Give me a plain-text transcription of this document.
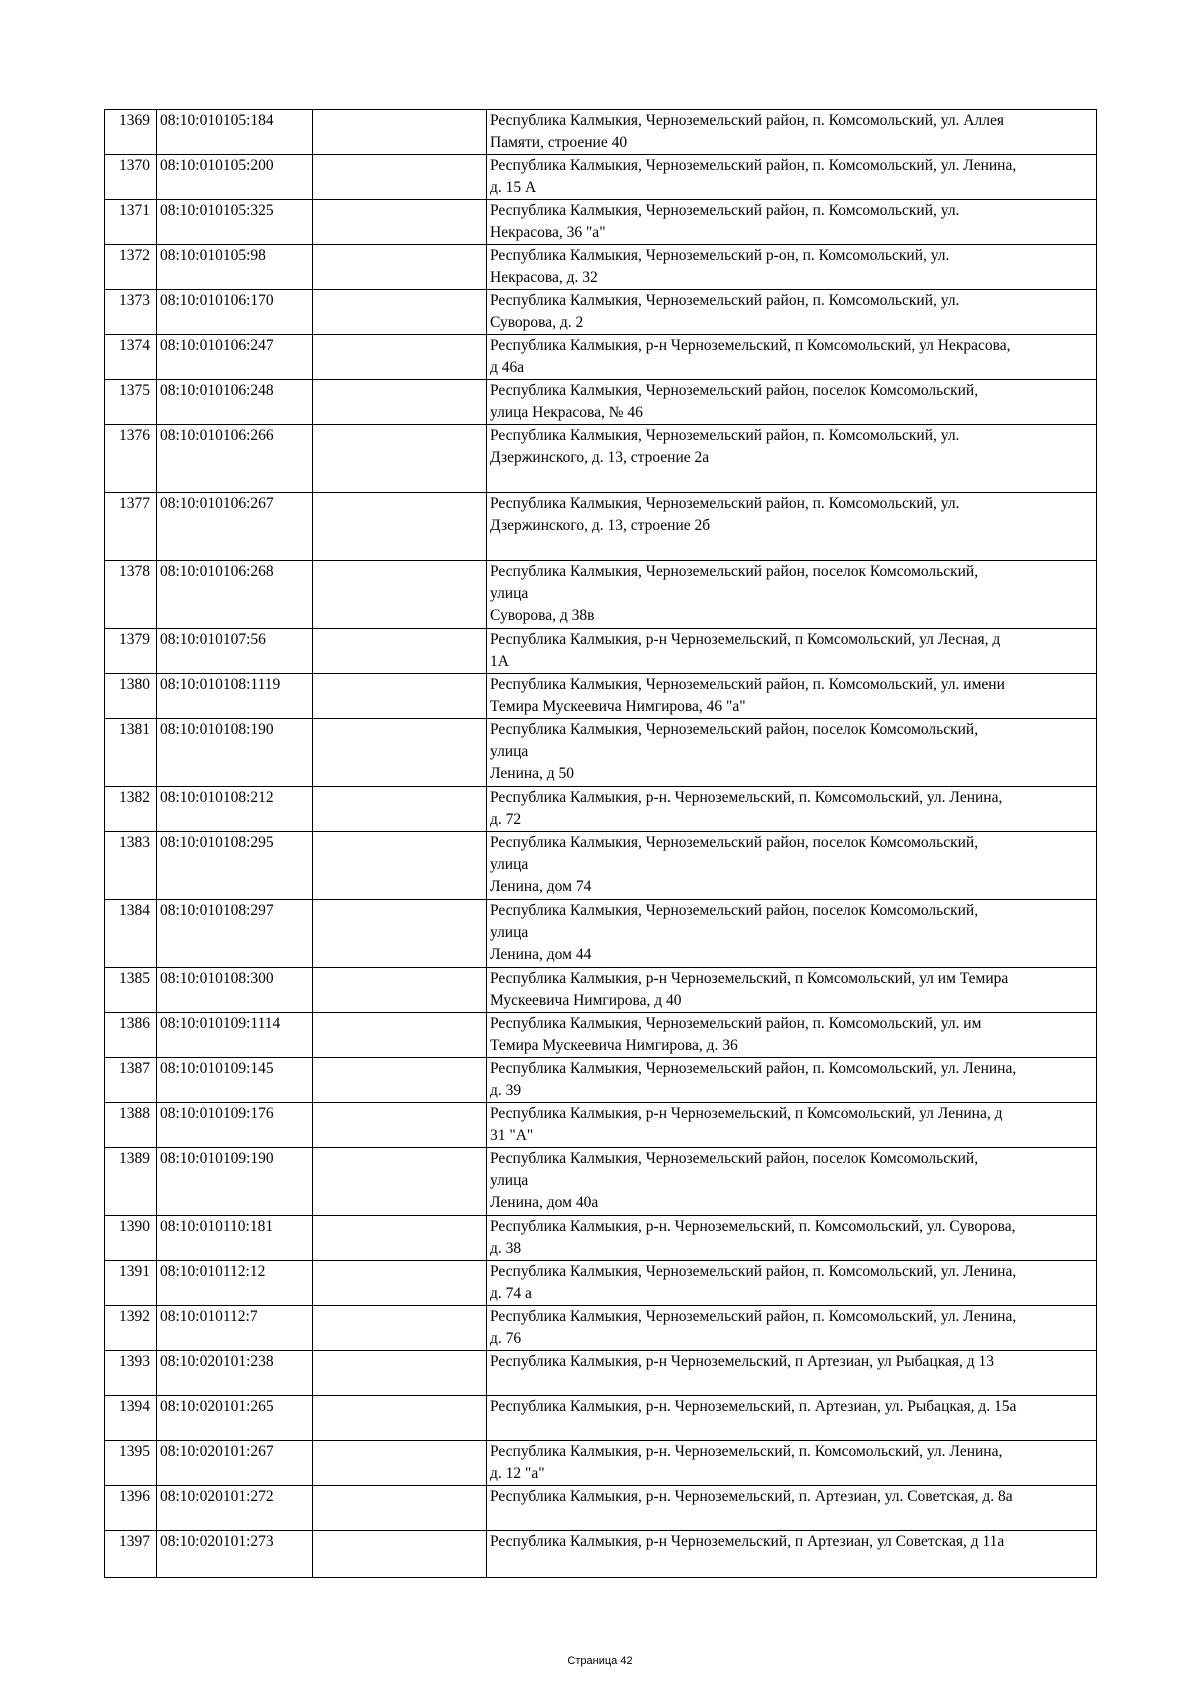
1369	08:10:010105:184		Республика Калмыкия, Черноземельский район, п. Комсомольский, ул. Аллея
Памяти, строение 40
1370	08:10:010105:200		Республика Калмыкия, Черноземельский район, п. Комсомольский, ул. Ленина,
д. 15 А
1371	08:10:010105:325		Республика Калмыкия, Черноземельский район, п. Комсомольский, ул.
Некрасова, 36 "а"
1372	08:10:010105:98		Республика Калмыкия, Черноземельский р-он, п. Комсомольский, ул.
Некрасова, д. 32
1373	08:10:010106:170		Республика Калмыкия, Черноземельский район, п. Комсомольский, ул.
Суворова, д. 2
1374	08:10:010106:247		Республика Калмыкия, р-н Черноземельский, п Комсомольский, ул Некрасова,
д 46а
1375	08:10:010106:248		Республика Калмыкия, Черноземельский район, поселок Комсомольский,
улица Некрасова, № 46
1376	08:10:010106:266		Республика Калмыкия, Черноземельский район, п. Комсомольский, ул.
Дзержинского, д. 13, строение 2а
1377	08:10:010106:267		Республика Калмыкия, Черноземельский район, п. Комсомольский, ул.
Дзержинского, д. 13, строение 2б
1378	08:10:010106:268		Республика Калмыкия, Черноземельский район, поселок Комсомольский,
улица
Суворова, д 38в
1379	08:10:010107:56		Республика Калмыкия, р-н Черноземельский, п Комсомольский, ул Лесная, д
1А
1380	08:10:010108:1119		Республика Калмыкия, Черноземельский район, п. Комсомольский, ул. имени
Темира Мускеевича Нимгирова, 46 "а"
1381	08:10:010108:190		Республика Калмыкия, Черноземельский район, поселок Комсомольский,
улица
Ленина, д 50
1382	08:10:010108:212		Республика Калмыкия, р-н. Черноземельский, п. Комсомольский, ул. Ленина,
д. 72
1383	08:10:010108:295		Республика Калмыкия, Черноземельский район, поселок Комсомольский,
улица
Ленина, дом 74
1384	08:10:010108:297		Республика Калмыкия, Черноземельский район, поселок Комсомольский,
улица
Ленина, дом 44
1385	08:10:010108:300		Республика Калмыкия, р-н Черноземельский, п Комсомольский, ул им Темира
Мускеевича Нимгирова, д 40
1386	08:10:010109:1114		Республика Калмыкия, Черноземельский район, п. Комсомольский, ул. им
Темира Мускеевича Нимгирова, д. 36
1387	08:10:010109:145		Республика Калмыкия, Черноземельский район, п. Комсомольский, ул. Ленина,
д. 39
1388	08:10:010109:176		Республика Калмыкия, р-н Черноземельский, п Комсомольский, ул Ленина, д
31 "А"
1389	08:10:010109:190		Республика Калмыкия, Черноземельский район, поселок Комсомольский,
улица
Ленина, дом 40а
1390	08:10:010110:181		Республика Калмыкия, р-н. Черноземельский, п. Комсомольский, ул. Суворова,
д. 38
1391	08:10:010112:12		Республика Калмыкия, Черноземельский район, п. Комсомольский, ул. Ленина,
д. 74 а
1392	08:10:010112:7		Республика Калмыкия, Черноземельский район, п. Комсомольский, ул. Ленина,
д. 76
1393	08:10:020101:238		Республика Калмыкия, р-н Черноземельский, п Артезиан, ул Рыбацкая, д 13
1394	08:10:020101:265		Республика Калмыкия, р-н. Черноземельский, п. Артезиан, ул. Рыбацкая, д. 15а
1395	08:10:020101:267		Республика Калмыкия, р-н. Черноземельский, п. Комсомольский, ул. Ленина,
д. 12 "а"
1396	08:10:020101:272		Республика Калмыкия, р-н. Черноземельский, п. Артезиан, ул. Советская, д. 8а
1397	08:10:020101:273		Республика Калмыкия, р-н Черноземельский, п Артезиан, ул Советская, д 11а
Страница 42
